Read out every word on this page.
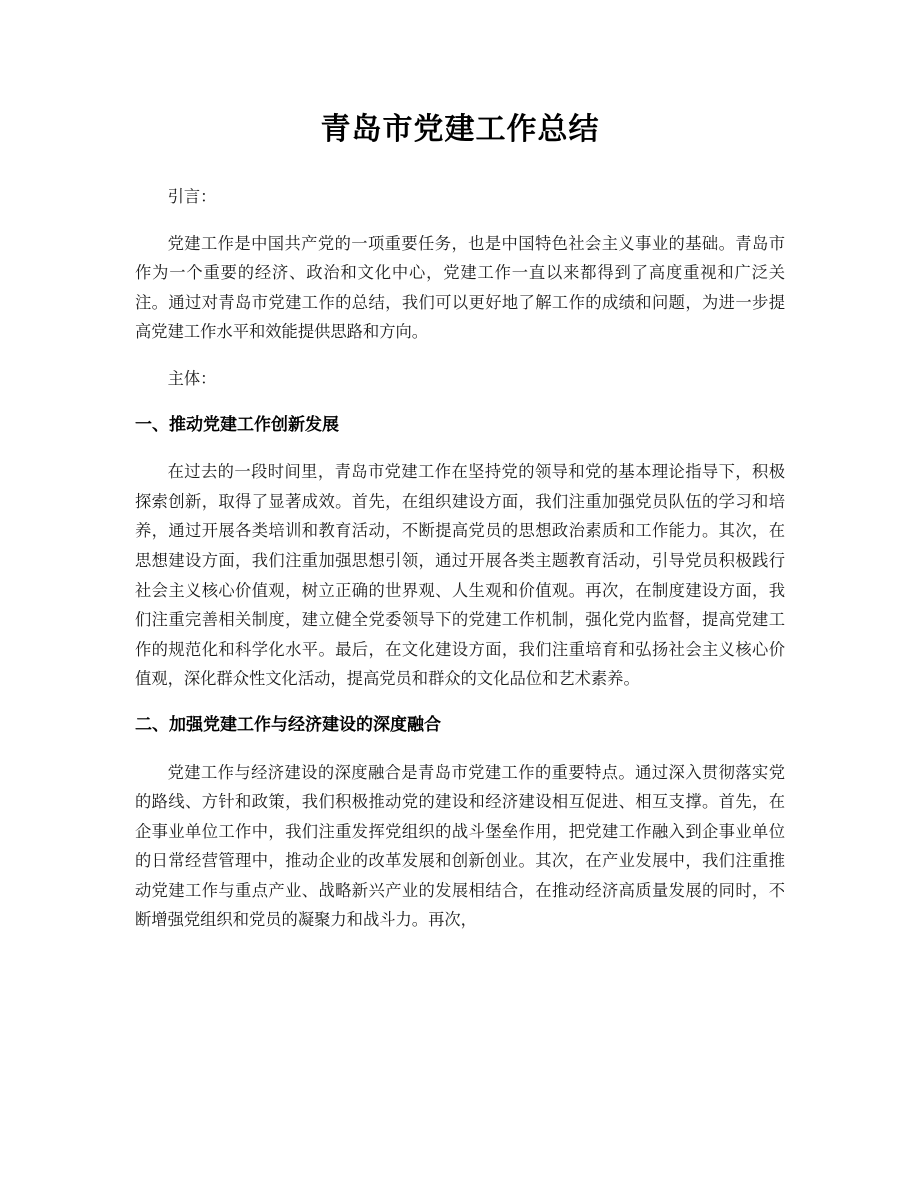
青岛市党建工作总结

引言：

党建工作是中国共产党的一项重要任务，也是中国特色社会主义事业的基础。青岛市作为一个重要的经济、政治和文化中心，党建工作一直以来都得到了高度重视和广泛关注。通过对青岛市党建工作的总结，我们可以更好地了解工作的成绩和问题，为进一步提高党建工作水平和效能提供思路和方向。

主体：

一、推动党建工作创新发展

在过去的一段时间里，青岛市党建工作在坚持党的领导和党的基本理论指导下，积极探索创新，取得了显著成效。首先，在组织建设方面，我们注重加强党员队伍的学习和培养，通过开展各类培训和教育活动，不断提高党员的思想政治素质和工作能力。其次，在思想建设方面，我们注重加强思想引领，通过开展各类主题教育活动，引导党员积极践行社会主义核心价值观，树立正确的世界观、人生观和价值观。再次，在制度建设方面，我们注重完善相关制度，建立健全党委领导下的党建工作机制，强化党内监督，提高党建工作的规范化和科学化水平。最后，在文化建设方面，我们注重培育和弘扬社会主义核心价值观，深化群众性文化活动，提高党员和群众的文化品位和艺术素养。

二、加强党建工作与经济建设的深度融合

党建工作与经济建设的深度融合是青岛市党建工作的重要特点。通过深入贯彻落实党的路线、方针和政策，我们积极推动党的建设和经济建设相互促进、相互支撑。首先，在企事业单位工作中，我们注重发挥党组织的战斗堡垒作用，把党建工作融入到企事业单位的日常经营管理中，推动企业的改革发展和创新创业。其次，在产业发展中，我们注重推动党建工作与重点产业、战略新兴产业的发展相结合，在推动经济高质量发展的同时，不断增强党组织和党员的凝聚力和战斗力。再次，
